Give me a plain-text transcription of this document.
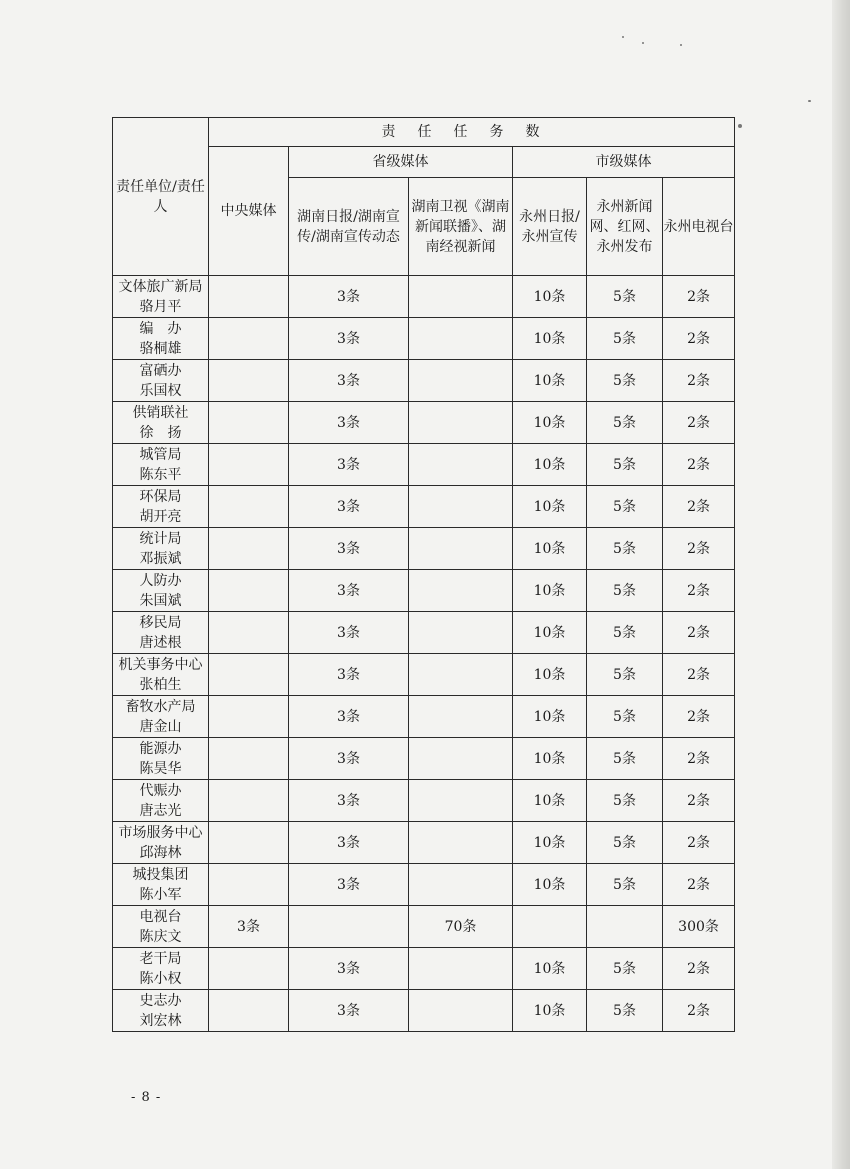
责任单位/责任人	责任任务数					
	中央媒体	省级媒体		市级媒体		
		湖南日报/湖南宣传/湖南宣传动态	湖南卫视《湖南新闻联播》、湖南经视新闻	永州日报/永州宣传	永州新闻网、红网、永州发布	永州电视台
文体旅广新局
骆月平		3条		10条	5条	2条
编　办
骆桐雄		3条		10条	5条	2条
富硒办
乐国权		3条		10条	5条	2条
供销联社
徐　扬		3条		10条	5条	2条
城管局
陈东平		3条		10条	5条	2条
环保局
胡开亮		3条		10条	5条	2条
统计局
邓振斌		3条		10条	5条	2条
人防办
朱国斌		3条		10条	5条	2条
移民局
唐述根		3条		10条	5条	2条
机关事务中心
张柏生		3条		10条	5条	2条
畜牧水产局
唐金山		3条		10条	5条	2条
能源办
陈昊华		3条		10条	5条	2条
代赈办
唐志光		3条		10条	5条	2条
市场服务中心
邱海林		3条		10条	5条	2条
城投集团
陈小军		3条		10条	5条	2条
电视台
陈庆文	3条		70条			300条
老干局
陈小权		3条		10条	5条	2条
史志办
刘宏林		3条		10条	5条	2条
- 8 -
